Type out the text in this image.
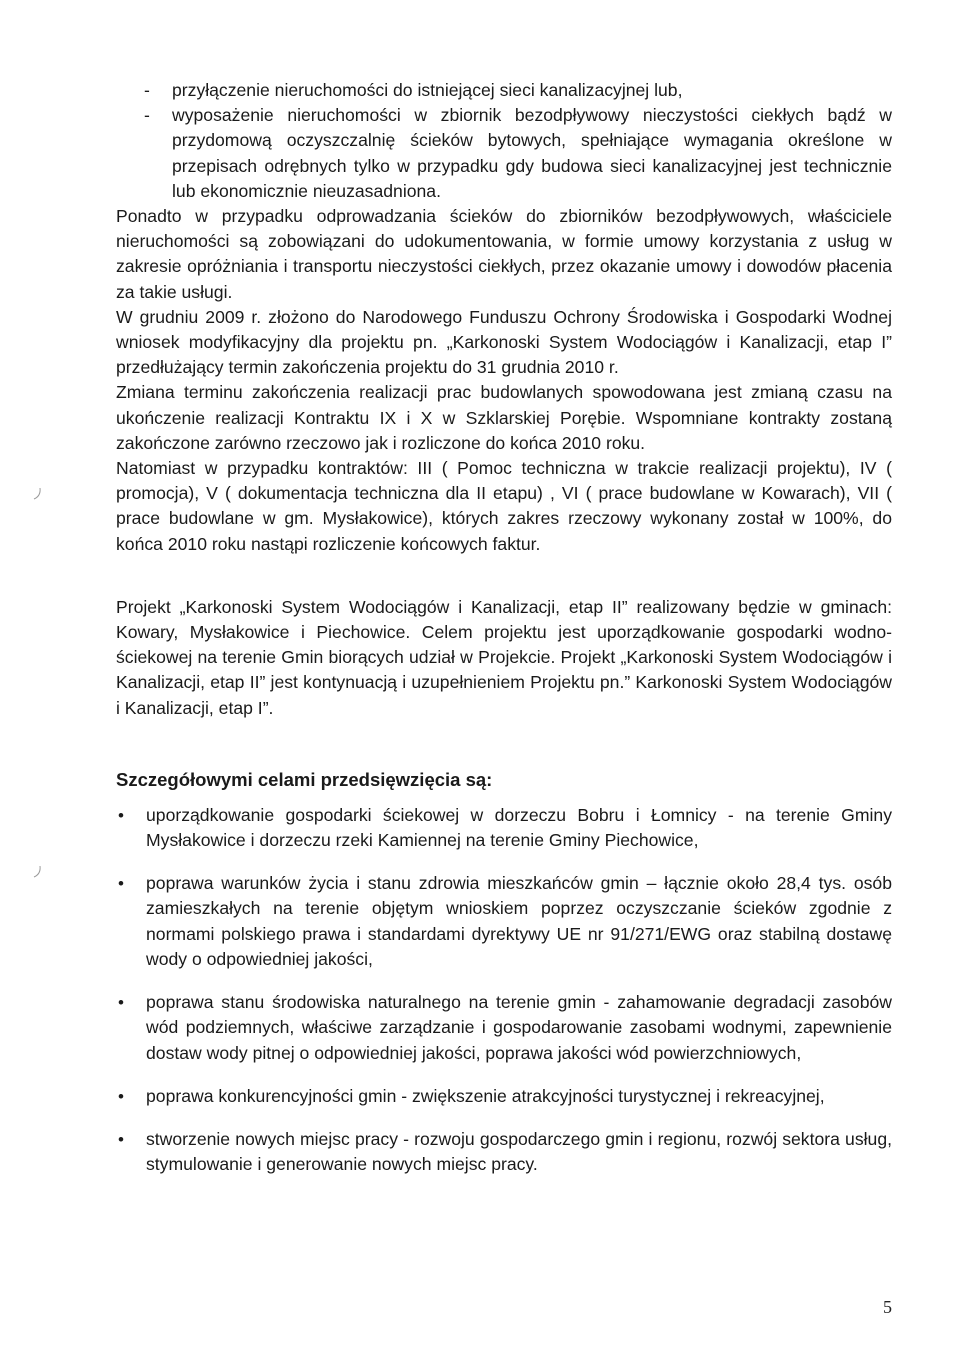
- przyłączenie nieruchomości do istniejącej sieci kanalizacyjnej lub,
- wyposażenie nieruchomości w zbiornik bezodpływowy nieczystości ciekłych bądź w przydomową oczyszczalnię ścieków bytowych, spełniające wymagania określone w przepisach odrębnych tylko w przypadku gdy budowa sieci kanalizacyjnej jest technicznie lub ekonomicznie nieuzasadniona.

Ponadto w przypadku odprowadzania ścieków do zbiorników bezodpływowych, właściciele nieruchomości są zobowiązani do udokumentowania, w formie umowy korzystania z usług w zakresie opróżniania i transportu nieczystości ciekłych, przez okazanie umowy i dowodów płacenia za takie usługi.

W grudniu 2009 r. złożono do Narodowego Funduszu Ochrony Środowiska i Gospodarki Wodnej wniosek modyfikacyjny dla projektu pn. „Karkonoski System Wodociągów i Kanalizacji, etap I” przedłużający termin zakończenia projektu do 31 grudnia 2010 r.

Zmiana terminu zakończenia realizacji prac budowlanych spowodowana jest zmianą czasu na ukończenie realizacji Kontraktu IX i X w Szklarskiej Porębie. Wspomniane kontrakty zostaną zakończone zarówno rzeczowo jak i rozliczone do końca 2010 roku.

Natomiast w przypadku kontraktów: III ( Pomoc techniczna w trakcie realizacji projektu), IV ( promocja), V ( dokumentacja techniczna dla II etapu) , VI ( prace budowlane w Kowarach), VII ( prace budowlane w gm. Mysłakowice), których zakres rzeczowy wykonany został w 100%, do końca 2010 roku nastąpi rozliczenie końcowych faktur.

Projekt „Karkonoski System Wodociągów i Kanalizacji, etap II” realizowany będzie w gminach: Kowary, Mysłakowice i Piechowice. Celem projektu jest uporządkowanie gospodarki wodno-ściekowej na terenie Gmin biorących udział w Projekcie. Projekt „Karkonoski System Wodociągów i Kanalizacji, etap II” jest kontynuacją i uzupełnieniem Projektu pn.” Karkonoski System Wodociągów i Kanalizacji, etap I”.

Szczegółowymi celami przedsięwzięcia są:
• uporządkowanie gospodarki ściekowej w dorzeczu Bobru i Łomnicy - na terenie Gminy Mysłakowice i dorzeczu rzeki Kamiennej na terenie Gminy Piechowice,
• poprawa warunków życia i stanu zdrowia mieszkańców gmin – łącznie około 28,4 tys. osób zamieszkałych na terenie objętym wnioskiem poprzez oczyszczanie ścieków zgodnie z normami polskiego prawa i standardami dyrektywy UE nr 91/271/EWG oraz stabilną dostawę wody o odpowiedniej jakości,
• poprawa stanu środowiska naturalnego na terenie gmin - zahamowanie degradacji zasobów wód podziemnych, właściwe zarządzanie i gospodarowanie zasobami wodnymi, zapewnienie dostaw wody pitnej o odpowiedniej jakości, poprawa jakości wód powierzchniowych,
• poprawa konkurencyjności gmin - zwiększenie atrakcyjności turystycznej i rekreacyjnej,
• stworzenie nowych miejsc pracy - rozwoju gospodarczego gmin i regionu, rozwój sektora usług, stymulowanie i generowanie nowych miejsc pracy.
5
